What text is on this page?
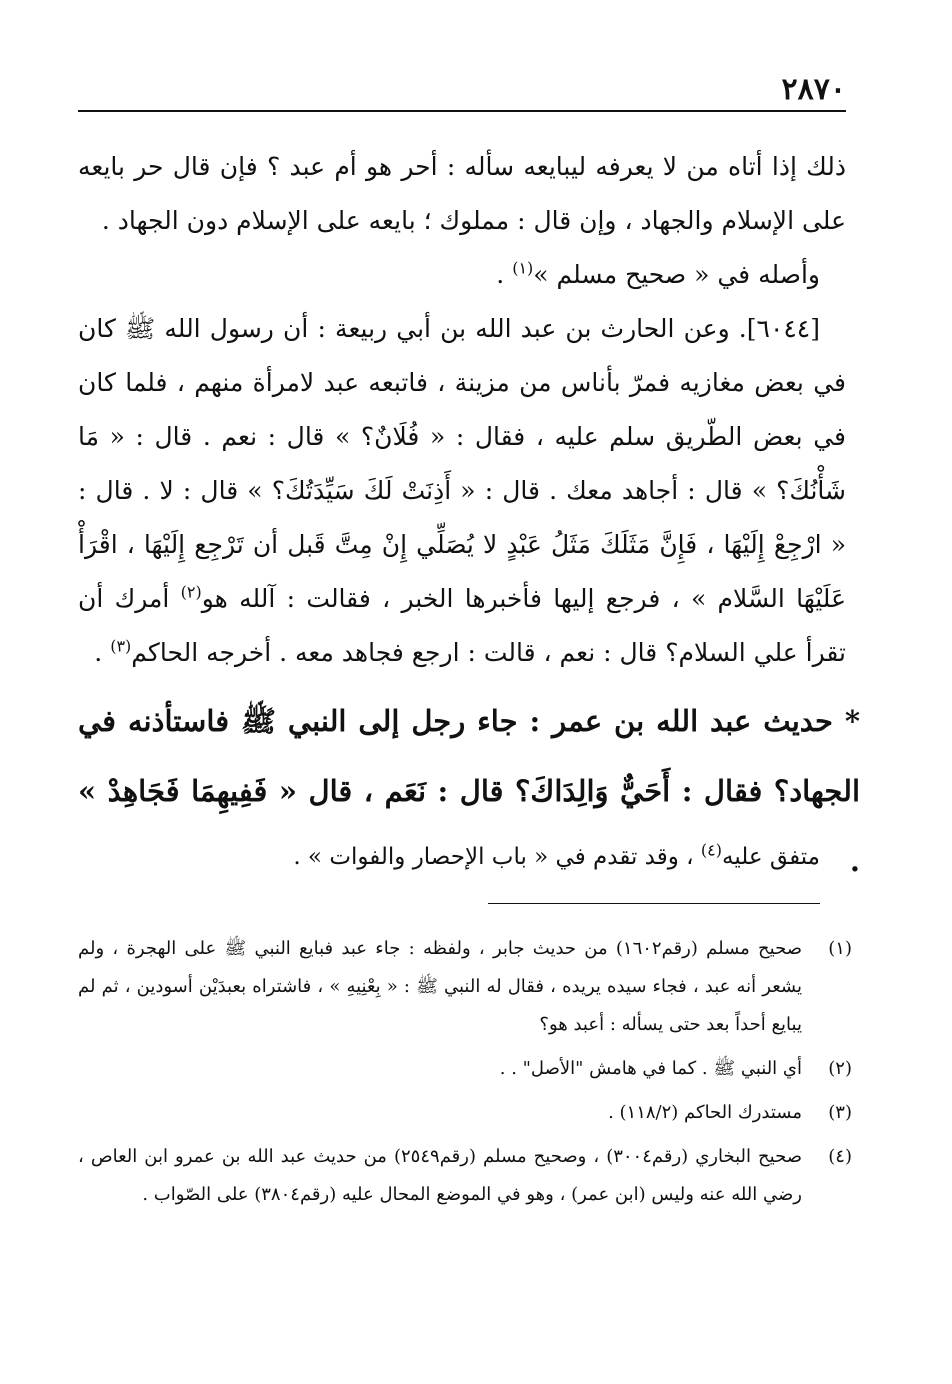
٢٨٧٠

ذلك إذا أتاه من لا يعرفه ليبايعه سأله : أحر هو أم عبد ؟ فإن قال حر بايعه على الإسلام والجهاد ، وإن قال : مملوك ؛ بايعه على الإسلام دون الجهاد .

وأصله في « صحيح مسلم »$^{(١)}$ .

[٦٠٤٤]. وعن الحارث بن عبد الله بن أبي ربيعة : أن رسول الله ﷺ كان في بعض مغازيه فمرّ بأناس من مزينة ، فاتبعه عبد لامرأة منهم ، فلما كان في بعض الطّريق سلم عليه ، فقال : « فُلَانٌ؟ » قال : نعم . قال : « مَا شَأْنُكَ؟ » قال : أجاهد معك . قال : « أَذِنَتْ لَكَ سَيِّدَتُكَ؟ » قال : لا . قال : « ارْجِعْ إِلَيْهَا ، فَإِنَّ مَثَلَكَ مَثَلُ عَبْدٍ لا يُصَلِّي إِنْ مِتَّ قَبل أن تَرْجِع إِلَيْهَا ، اقْرَأْ عَلَيْهَا السَّلام » ، فرجع إليها فأخبرها الخبر ، فقالت : آلله هو$^{(٢)}$ أمرك أن تقرأ علي السلام؟ قال : نعم ، قالت : ارجع فجاهد معه . أخرجه الحاكم$^{(٣)}$ .

* حديث عبد الله بن عمر : جاء رجل إلى النبي ﷺ فاستأذنه في الجهاد؟ فقال : أَحَيٌّ وَالِدَاكَ؟ قال : نَعَم ، قال « فَفِيهِمَا فَجَاهِدْ » .

متفق عليه$^{(٤)}$ ، وقد تقدم في « باب الإحصار والفوات » .

(١)
صحيح مسلم (رقم١٦٠٢) من حديث جابر ، ولفظه : جاء عبد فبايع النبي ﷺ على الهجرة ، ولم يشعر أنه عبد ، فجاء سيده يريده ، فقال له النبي ﷺ : « بِعْنِيهِ » ، فاشتراه بعبدَيْن أسودين ، ثم لم يبايع أحداً بعد حتى يسأله : أعبد هو؟
(٢)
أي النبي ﷺ . كما في هامش "الأصل" . .
(٣)
مستدرك الحاكم (١١٨/٢) .
(٤)
صحيح البخاري (رقم٣٠٠٤) ، وصحيح مسلم (رقم٢٥٤٩) من حديث عبد الله بن عمرو ابن العاص ، رضي الله عنه وليس (ابن عمر) ، وهو في الموضع المحال عليه (رقم٣٨٠٤) على الصّواب .
